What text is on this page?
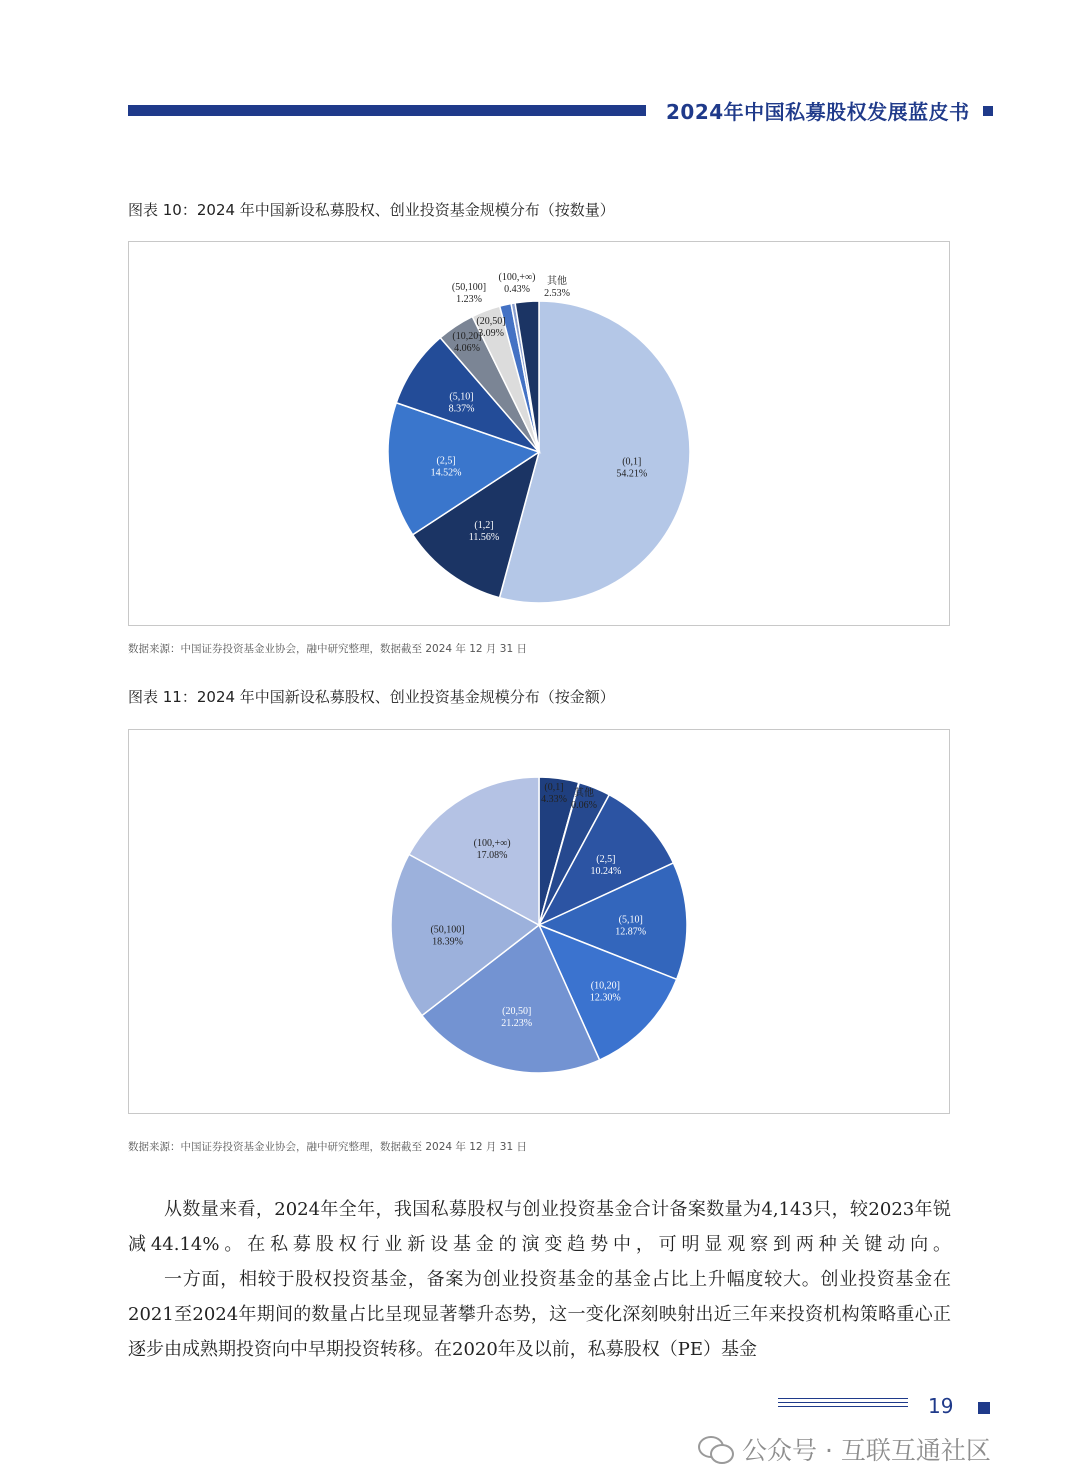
2024年中国私募股权发展蓝皮书
图表 10：2024 年中国新设私募股权、创业投资基金规模分布（按数量）
(0,1] 54.21%
(1,2] 11.56%
(2,5] 14.52%
(5,10] 8.37%
(10,20] 4.06%
(20,50] 3.09%
(50,100] 1.23%
(100,+∞) 0.43%
其他 2.53%
数据来源：中国证券投资基金业协会，融中研究整理，数据截至 2024 年 12 月 31 日
图表 11：2024 年中国新设私募股权、创业投资基金规模分布（按金额）
(0,1] 4.33%
其他 0.06%
(2,5] 10.24%
(5,10] 12.87%
(10,20] 12.30%
(20,50] 21.23%
(50,100] 18.39%
(100,+∞) 17.08%
数据来源：中国证券投资基金业协会，融中研究整理，数据截至 2024 年 12 月 31 日

从数量来看，2024年全年，我国私募股权与创业投资基金合计备案数量为4,143只，较2023年锐减44.14%。在私募股权行业新设基金的演变趋势中，可明显观察到两种关键动向。

一方面，相较于股权投资基金，备案为创业投资基金的基金占比上升幅度较大。创业投资基金在2021至2024年期间的数量占比呈现显著攀升态势，这一变化深刻映射出近三年来投资机构策略重心正逐步由成熟期投资向中早期投资转移。在2020年及以前，私募股权（PE）基金

19
公众号 · 互联互通社区
